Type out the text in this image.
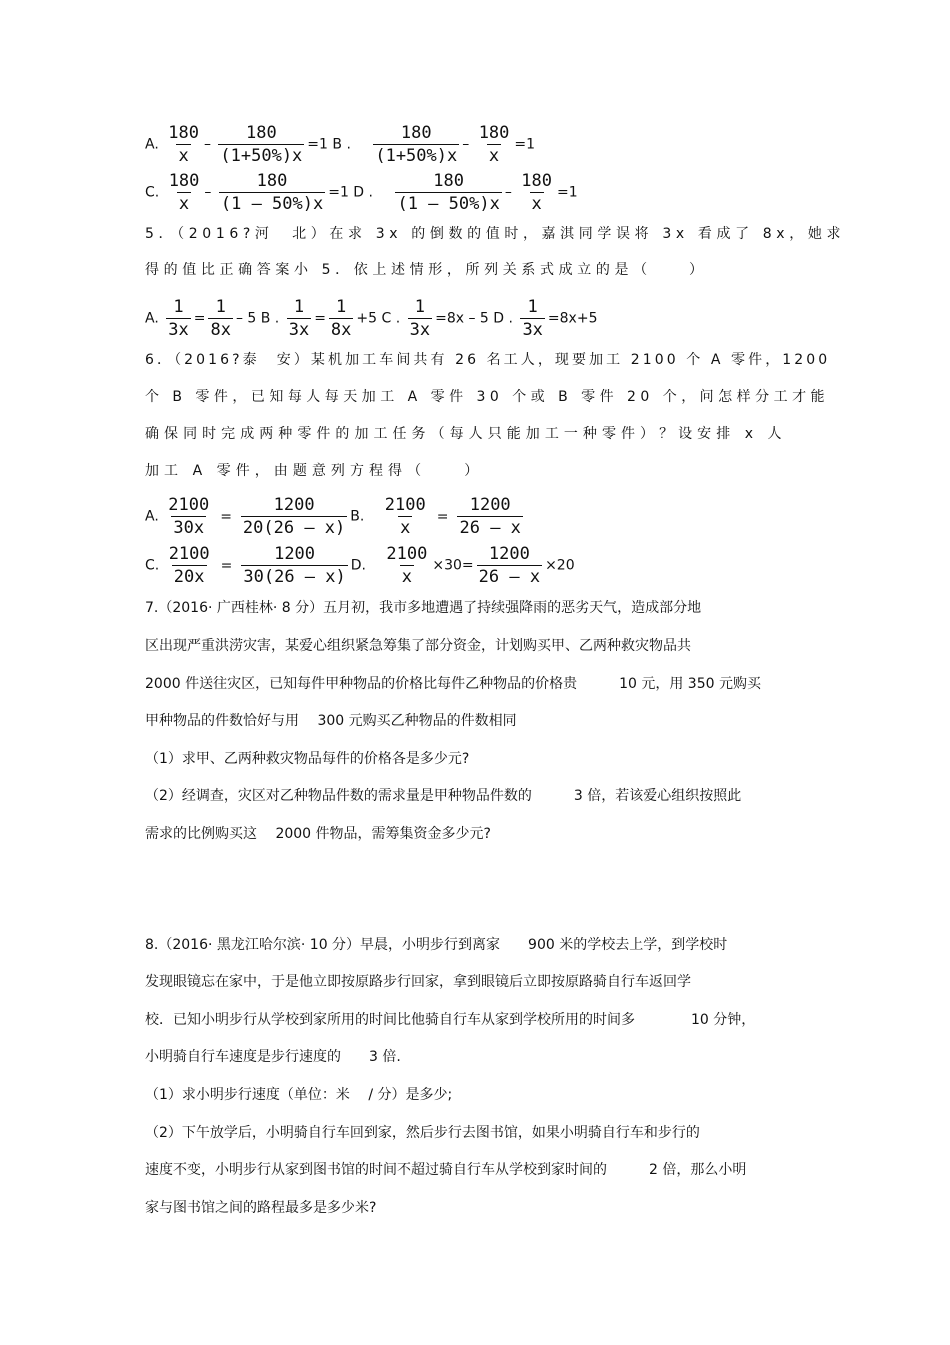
A. $\frac{180}{x} - \frac{180}{(1+50\%)x} =1$ B . $\frac{180}{(1+50\%)x} - \frac{180}{x} =1$
C. $\frac{180}{x} - \frac{180}{(1 - 50\%)x} =1$ D . $\frac{180}{(1 - 50\%)x} - \frac{180}{x} =1$
5．（2016?河　北）在求 3x 的倒数的值时，嘉淇同学误将 3x 看成了 8x，她求
得的值比正确答案小 5．依上述情形，所列关系式成立的是（　　）
A. $\frac{1}{3x} = \frac{1}{8x} - 5$ B . $\frac{1}{3x} = \frac{1}{8x} +5$ C . $\frac{1}{3x} =8x - 5$ D . $\frac{1}{3x} =8x+5$
6．（2016?泰　安）某机加工车间共有 26 名工人，现要加工 2100 个 A 零件，1200
个 B 零件，已知每人每天加工 A 零件 30 个或 B 零件 20 个，问怎样分工才能
确保同时完成两种零件的加工任务（每人只能加工一种零件）？设安排 x 人
加工 A 零件，由题意列方程得（　　）
A. $\frac{2100}{30x} = \frac{1200}{20(26 - x)} B$. $\frac{2100}{x} = \frac{1200}{26 - x}$
C. $\frac{2100}{20x} = \frac{1200}{30(26 - x)} D$. $\frac{2100}{x} \times 30= \frac{1200}{26 - x} \times 20$
7.（2016· 广西桂林· 8 分）五月初，我市多地遭遇了持续强降雨的恶劣天气，造成部分地
区出现严重洪涝灾害，某爱心组织紧急筹集了部分资金，计划购买甲、乙两种救灾物品共
2000 件送往灾区，已知每件甲种物品的价格比每件乙种物品的价格贵　　　10 元，用 350 元购买
甲种物品的件数恰好与用　 300 元购买乙种物品的件数相同
（1）求甲、乙两种救灾物品每件的价格各是多少元?
（2）经调查，灾区对乙种物品件数的需求量是甲种物品件数的　　　3 倍，若该爱心组织按照此
需求的比例购买这　 2000 件物品，需筹集资金多少元?
8.（2016· 黑龙江哈尔滨· 10 分）早晨，小明步行到离家　　900 米的学校去上学，到学校时
发现眼镜忘在家中，于是他立即按原路步行回家，拿到眼镜后立即按原路骑自行车返回学
校．已知小明步行从学校到家所用的时间比他骑自行车从家到学校所用的时间多　　　　10 分钟，
小明骑自行车速度是步行速度的　　3 倍.
（1）求小明步行速度（单位：米　 / 分）是多少;
（2）下午放学后，小明骑自行车回到家，然后步行去图书馆，如果小明骑自行车和步行的
速度不变，小明步行从家到图书馆的时间不超过骑自行车从学校到家时间的　　　2 倍，那么小明
家与图书馆之间的路程最多是多少米?
